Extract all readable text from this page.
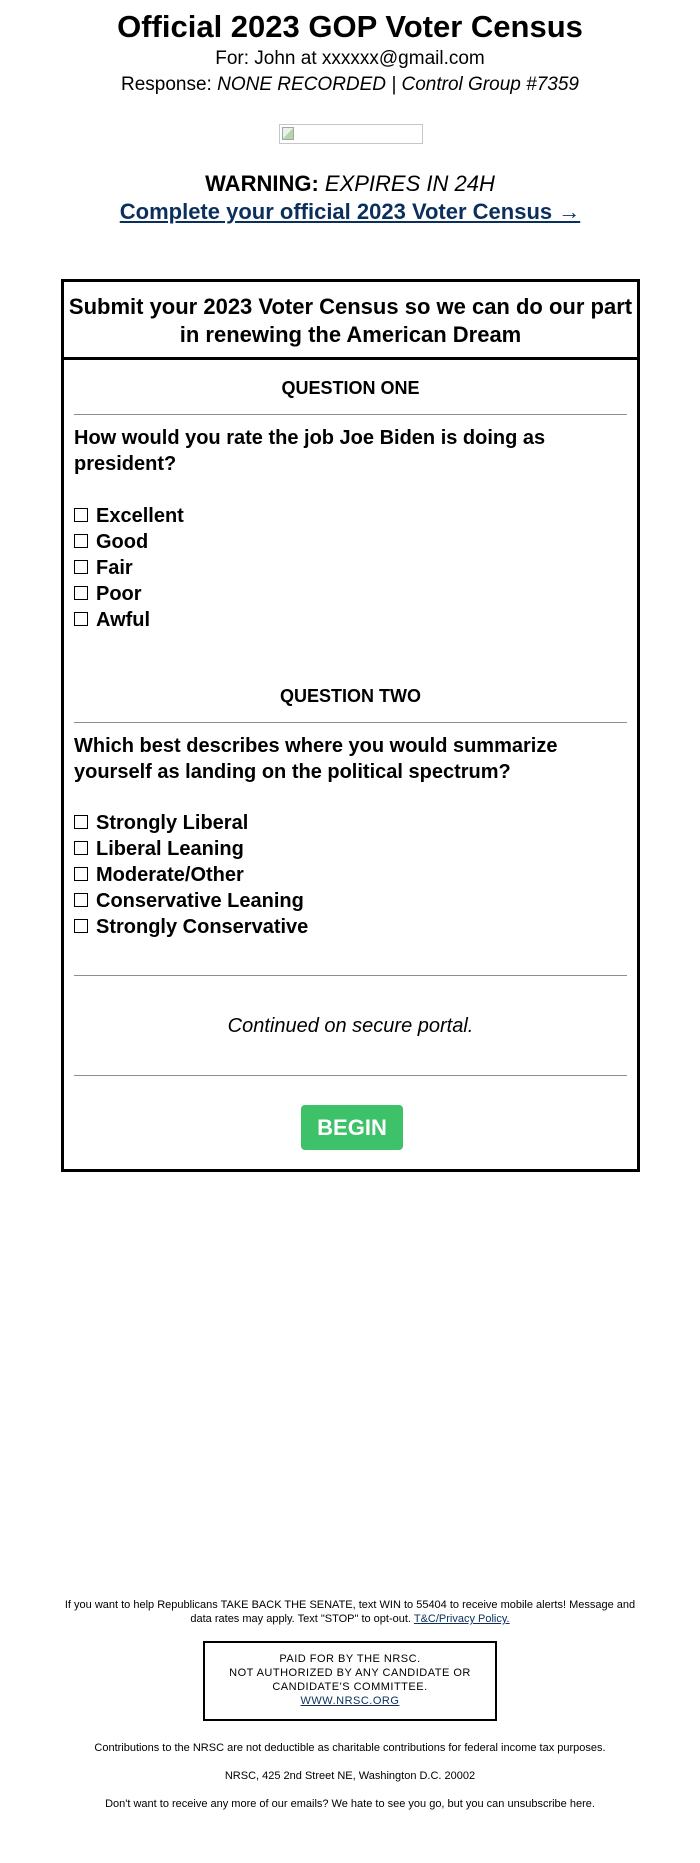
Official 2023 GOP Voter Census
For: John at xxxxxx@gmail.com
Response: NONE RECORDED | Control Group #7359
WARNING: EXPIRES IN 24H
Complete your official 2023 Voter Census →
Submit your 2023 Voter Census so we can do our part in renewing the American Dream
QUESTION ONE
How would you rate the job Joe Biden is doing as president?
Excellent
Good
Fair
Poor
Awful
QUESTION TWO
Which best describes where you would summarize yourself as landing on the political spectrum?
Strongly Liberal
Liberal Leaning
Moderate/Other
Conservative Leaning
Strongly Conservative
Continued on secure portal.
BEGIN
If you want to help Republicans TAKE BACK THE SENATE, text WIN to 55404 to receive mobile alerts! Message and data rates may apply. Text "STOP" to opt-out. T&C/Privacy Policy.
PAID FOR BY THE NRSC.
NOT AUTHORIZED BY ANY CANDIDATE OR CANDIDATE'S COMMITTEE.
WWW.NRSC.ORG
Contributions to the NRSC are not deductible as charitable contributions for federal income tax purposes.
NRSC, 425 2nd Street NE, Washington D.C. 20002
Don't want to receive any more of our emails? We hate to see you go, but you can unsubscribe here.
